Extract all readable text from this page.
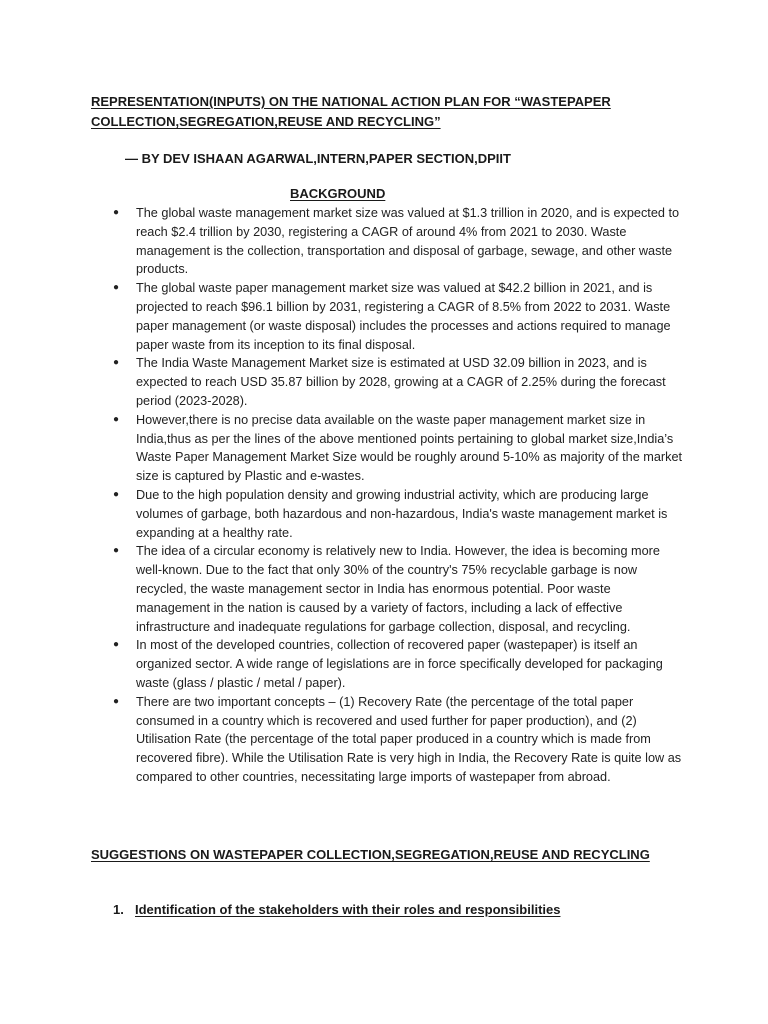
REPRESENTATION(INPUTS) ON THE NATIONAL ACTION PLAN FOR “WASTEPAPER COLLECTION,SEGREGATION,REUSE AND RECYCLING”

— BY DEV ISHAAN AGARWAL,INTERN,PAPER SECTION,DPIIT

BACKGROUND
● The global waste management market size was valued at $1.3 trillion in 2020, and is expected to reach $2.4 trillion by 2030, registering a CAGR of around 4% from 2021 to 2030. Waste management is the collection, transportation and disposal of garbage, sewage, and other waste products.
● The global waste paper management market size was valued at $42.2 billion in 2021, and is projected to reach $96.1 billion by 2031, registering a CAGR of 8.5% from 2022 to 2031. Waste paper management (or waste disposal) includes the processes and actions required to manage paper waste from its inception to its final disposal.
● The India Waste Management Market size is estimated at USD 32.09 billion in 2023, and is expected to reach USD 35.87 billion by 2028, growing at a CAGR of 2.25% during the forecast period (2023-2028).
● However,there is no precise data available on the waste paper management market size in India,thus as per the lines of the above mentioned points pertaining to global market size,India’s Waste Paper Management Market Size would be roughly around 5-10% as majority of the market size is captured by Plastic and e-wastes.
● Due to the high population density and growing industrial activity, which are producing large volumes of garbage, both hazardous and non-hazardous, India's waste management market is expanding at a healthy rate.
● The idea of a circular economy is relatively new to India. However, the idea is becoming more well-known. Due to the fact that only 30% of the country's 75% recyclable garbage is now recycled, the waste management sector in India has enormous potential. Poor waste management in the nation is caused by a variety of factors, including a lack of effective infrastructure and inadequate regulations for garbage collection, disposal, and recycling.
● In most of the developed countries, collection of recovered paper (wastepaper) is itself an organized sector. A wide range of legislations are in force specifically developed for packaging waste (glass / plastic / metal / paper).
● There are two important concepts – (1) Recovery Rate (the percentage of the total paper consumed in a country which is recovered and used further for paper production), and (2) Utilisation Rate (the percentage of the total paper produced in a country which is made from recovered fibre). While the Utilisation Rate is very high in India, the Recovery Rate is quite low as compared to other countries, necessitating large imports of wastepaper from abroad.
SUGGESTIONS ON WASTEPAPER COLLECTION,SEGREGATION,REUSE AND RECYCLING

1. Identification of the stakeholders with their roles and responsibilities
